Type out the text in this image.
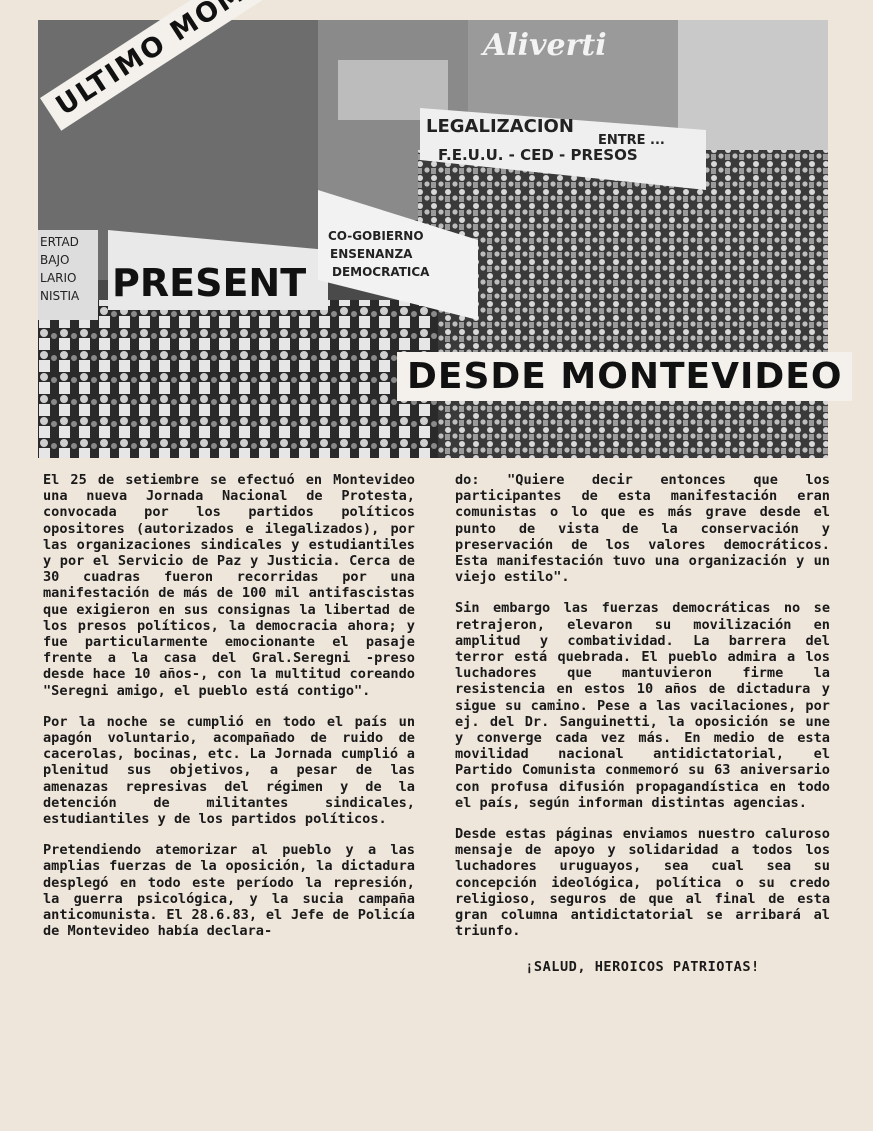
LEGALIZACION
ENTRE ...
F.E.U.U. - CED - PRESOS
PRESENT
CO-GOBIERNO
ENSENANZA
DEMOCRATICA
ERTAD
BAJO
LARIO
NISTIA
Aliverti
ULTIMO
DESDE MONTEVIDEO

El 25 de setiembre se efectuó en Montevideo una nueva Jornada Nacional de Protesta, convocada por los partidos políticos opositores (autorizados e ilegalizados), por las organizaciones sindicales y estudiantiles y por el Servicio de Paz y Justicia. Cerca de 30 cuadras fueron recorridas por una manifestación de más de 100 mil antifascistas que exigieron en sus consignas la libertad de los presos políticos, la democracia ahora; y fue particularmente emocionante el pasaje frente a la casa del Gral.Seregni -preso desde hace 10 años-, con la multitud coreando "Seregni amigo, el pueblo está contigo".

Por la noche se cumplió en todo el país un apagón voluntario, acompañado de ruido de cacerolas, bocinas, etc. La Jornada cumplió a plenitud sus objetivos, a pesar de las amenazas represivas del régimen y de la detención de militantes sindicales, estudiantiles y de los partidos políticos.

Pretendiendo atemorizar al pueblo y a las amplias fuerzas de la oposición, la dictadura desplegó en todo este período la represión, la guerra psicológica, y la sucia campaña anticomunista. El 28.6.83, el Jefe de Policía de Montevideo había declara-

do: "Quiere decir entonces que los participantes de esta manifestación eran comunistas o lo que es más grave desde el punto de vista de la conservación y preservación de los valores democráticos. Esta manifestación tuvo una organización y un viejo estilo".

Sin embargo las fuerzas democráticas no se retrajeron, elevaron su movilización en amplitud y combatividad. La barrera del terror está quebrada. El pueblo admira a los luchadores que mantuvieron firme la resistencia en estos 10 años de dictadura y sigue su camino. Pese a las vacilaciones, por ej. del Dr. Sanguinetti, la oposición se une y converge cada vez más. En medio de esta movilidad nacional antidictatorial, el Partido Comunista conmemoró su 63 aniversario con profusa difusión propagandística en todo el país, según informan distintas agencias.

Desde estas páginas enviamos nuestro caluroso mensaje de apoyo y solidaridad a todos los luchadores uruguayos, sea cual sea su concepción ideológica, política o su credo religioso, seguros de que al final de esta gran columna antidictatorial se arribará al triunfo.

¡SALUD, HEROICOS PATRIOTAS!
